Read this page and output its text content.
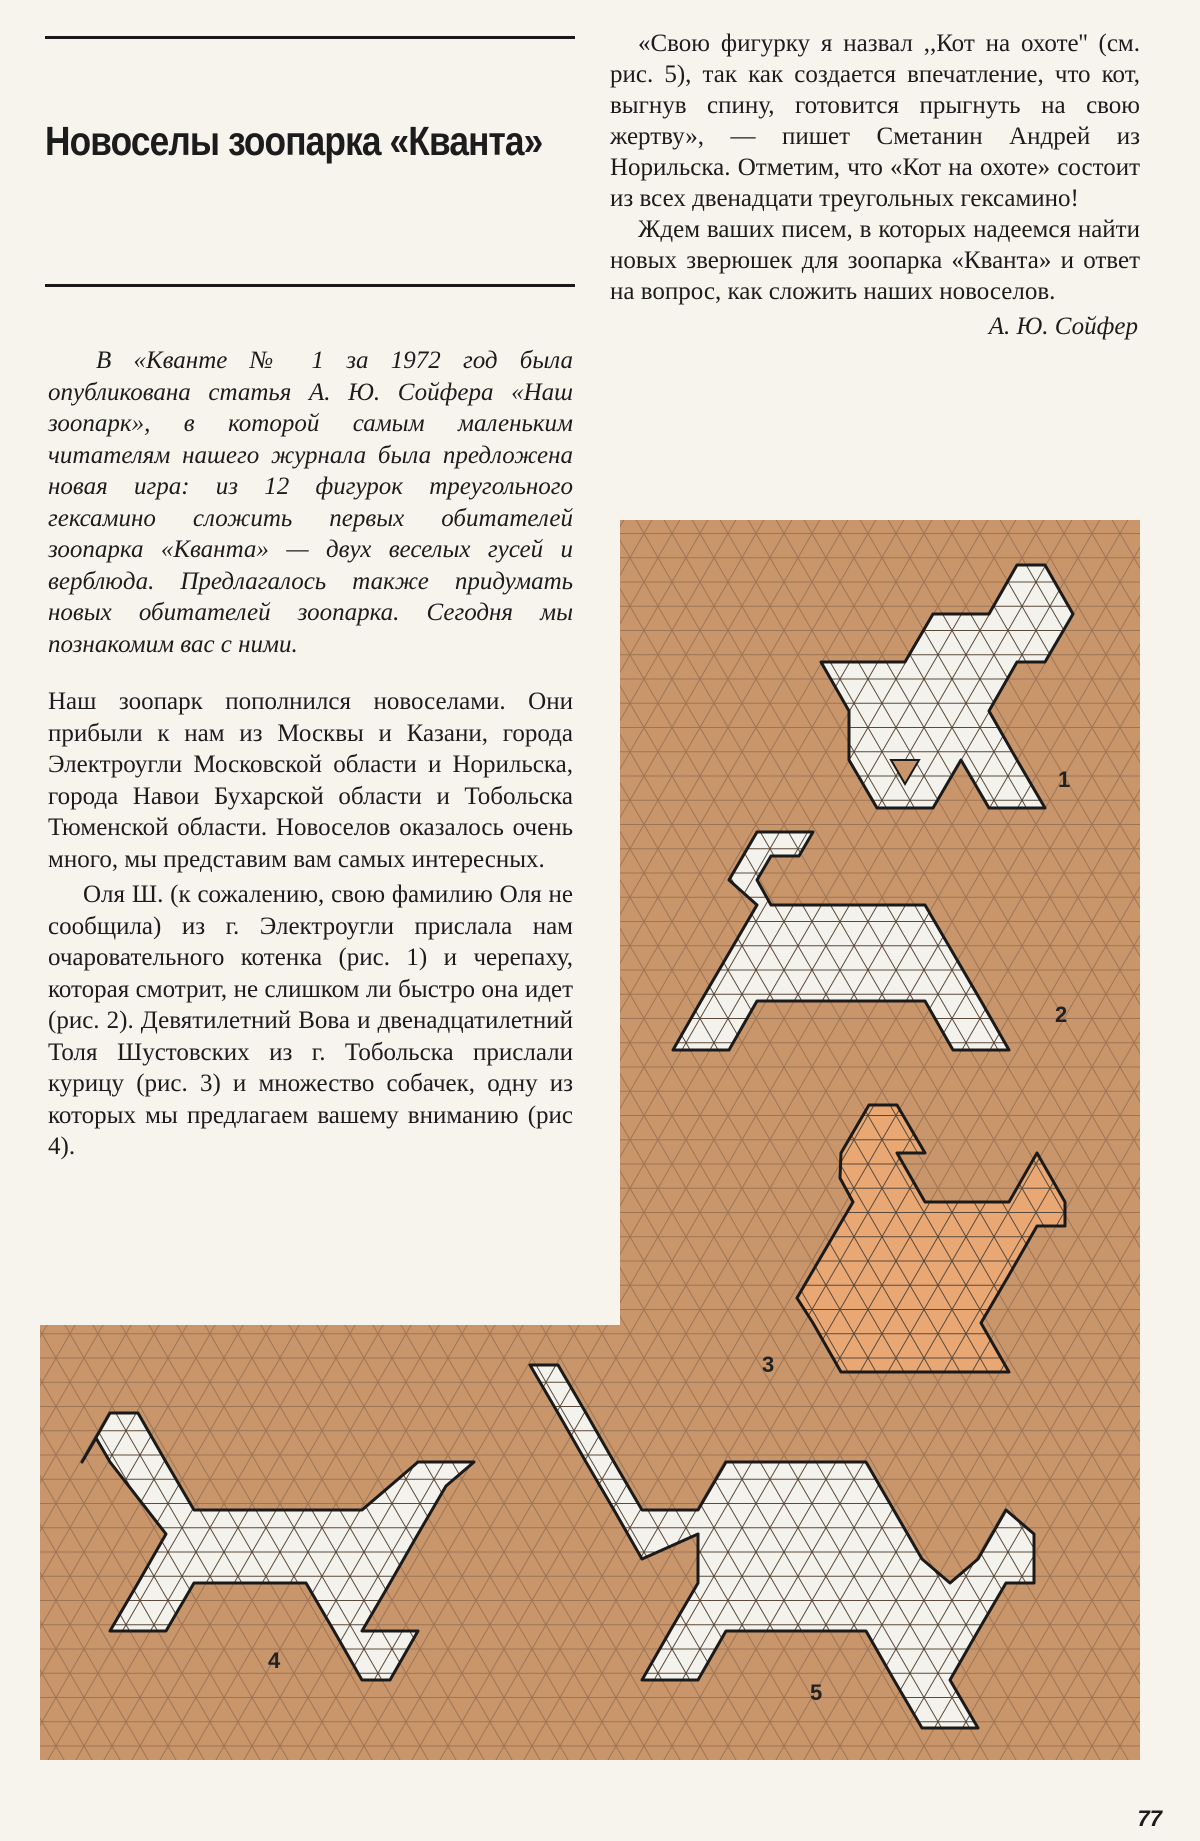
Новоселы зоопарка «Кванта»

В «Кванте № 1 за 1972 год была опубликована статья А. Ю. Сойфера «Наш зоопарк», в которой самым маленьким читателям нашего журнала была предложена новая игра: из 12 фигурок треугольного гексамино сложить первых обитателей зоопарка «Кванта» — двух веселых гусей и верблюда. Предлагалось также придумать новых обитателей зоопарка. Сегодня мы познакомим вас с ними.

Наш зоопарк пополнился новоселами. Они прибыли к нам из Москвы и Казани, города Электроугли Московской области и Норильска, города Навои Бухарской области и Тобольска Тюменской области. Новоселов оказалось очень много, мы представим вам самых интересных.

Оля Ш. (к сожалению, свою фамилию Оля не сообщила) из г. Электроугли прислала нам очаровательного котенка (рис. 1) и черепаху, которая смотрит, не слишком ли быстро она идет (рис. 2). Девятилетний Вова и двенадцатилетний Толя Шустовских из г. Тобольска прислали курицу (рис. 3) и множество собачек, одну из которых мы предлагаем вашему вниманию (рис 4).

«Свою фигурку я назвал ,,Кот на охоте'' (см. рис. 5), так как создается впечатление, что кот, выгнув спину, готовится прыгнуть на свою жертву», — пишет Сметанин Андрей из Норильска. Отметим, что «Кот на охоте» состоит из всех двенадцати треугольных гексамино!

Ждем ваших писем, в которых надеемся найти новых зверюшек для зоопарка «Кванта» и ответ на вопрос, как сложить наших новоселов.

А. Ю. Сойфер

1
2
3
4
5
77
